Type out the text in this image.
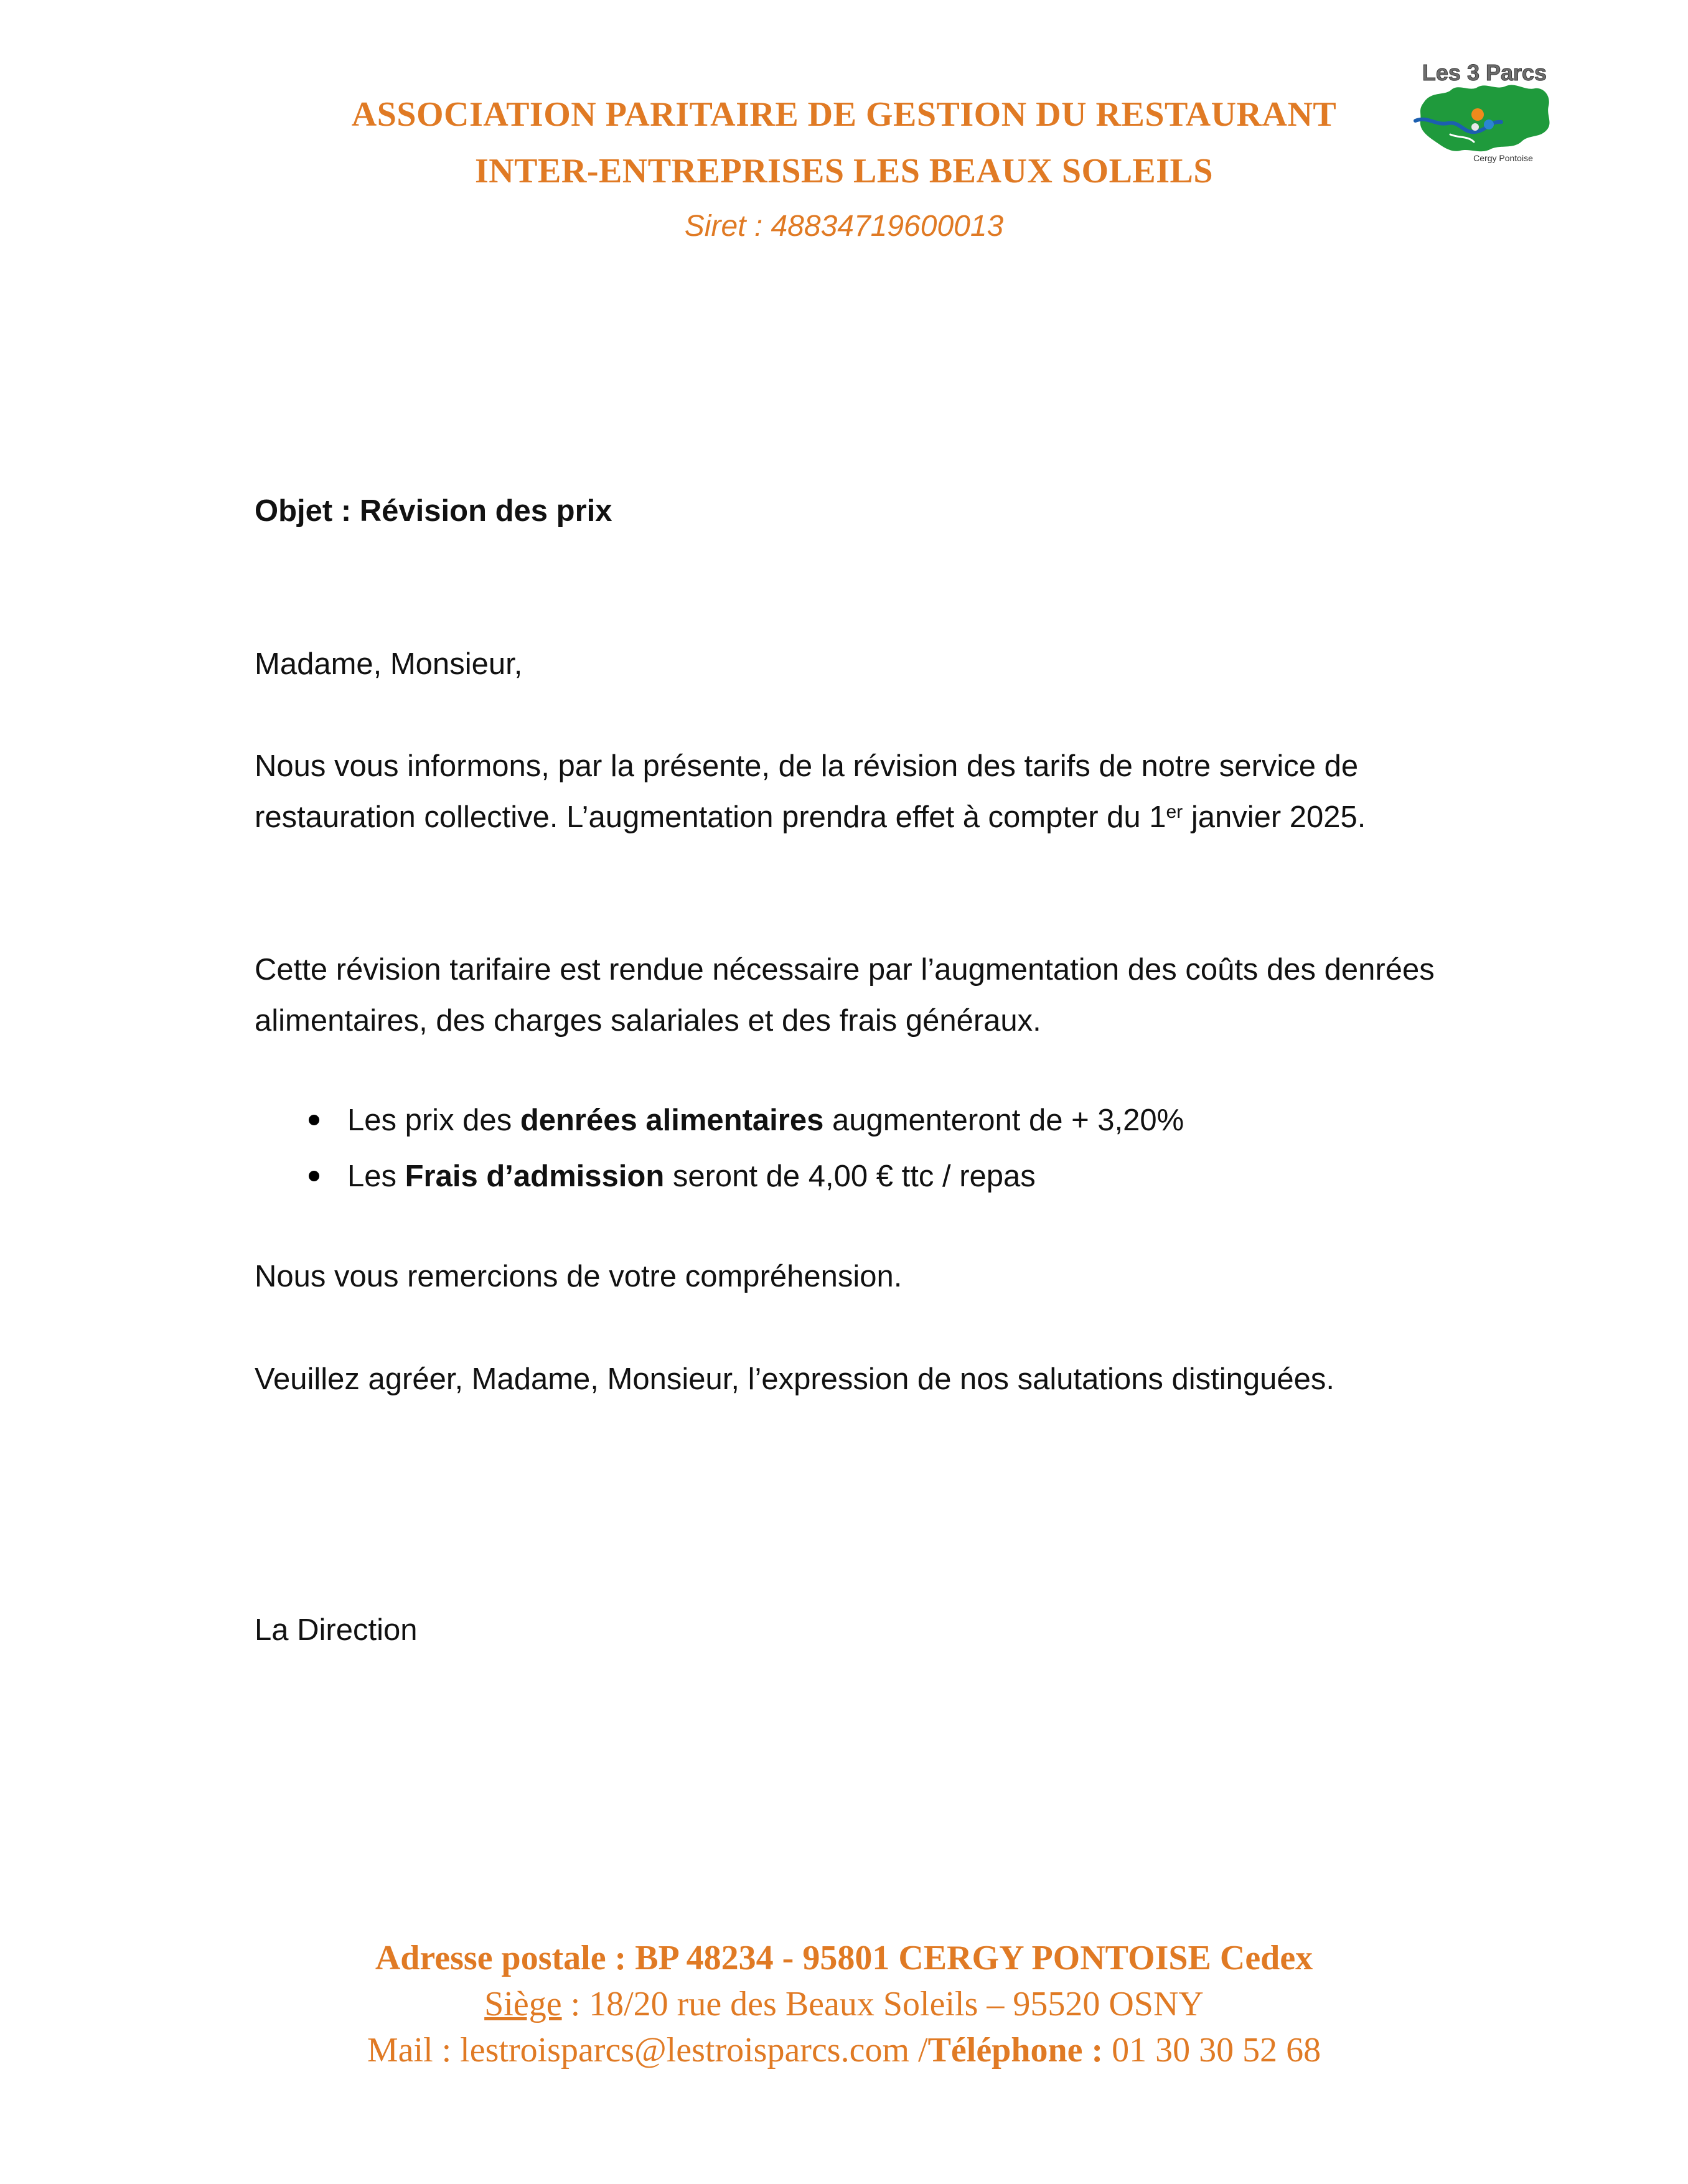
ASSOCIATION PARITAIRE DE GESTION DU RESTAURANT
INTER-ENTREPRISES LES BEAUX SOLEILS
Siret : 48834719600013
Les 3 Parcs
Cergy Pontoise
Objet : Révision des prix
Madame, Monsieur,
Nous vous informons, par la présente, de la révision des tarifs de notre service de restauration collective. L’augmentation prendra effet à compter du 1er janvier 2025.
Cette révision tarifaire est rendue nécessaire par l’augmentation des coûts des denrées alimentaires, des charges salariales et des frais généraux.
Les prix des denrées alimentaires augmenteront de + 3,20%
Les Frais d’admission seront de 4,00 € ttc / repas
Nous vous remercions de votre compréhension.
Veuillez agréer, Madame, Monsieur, l’expression de nos salutations distinguées.
La Direction
Adresse postale : BP 48234 - 95801 CERGY PONTOISE Cedex
Siège : 18/20 rue des Beaux Soleils – 95520 OSNY
Mail : lestroisparcs@lestroisparcs.com /Téléphone : 01 30 30 52 68
